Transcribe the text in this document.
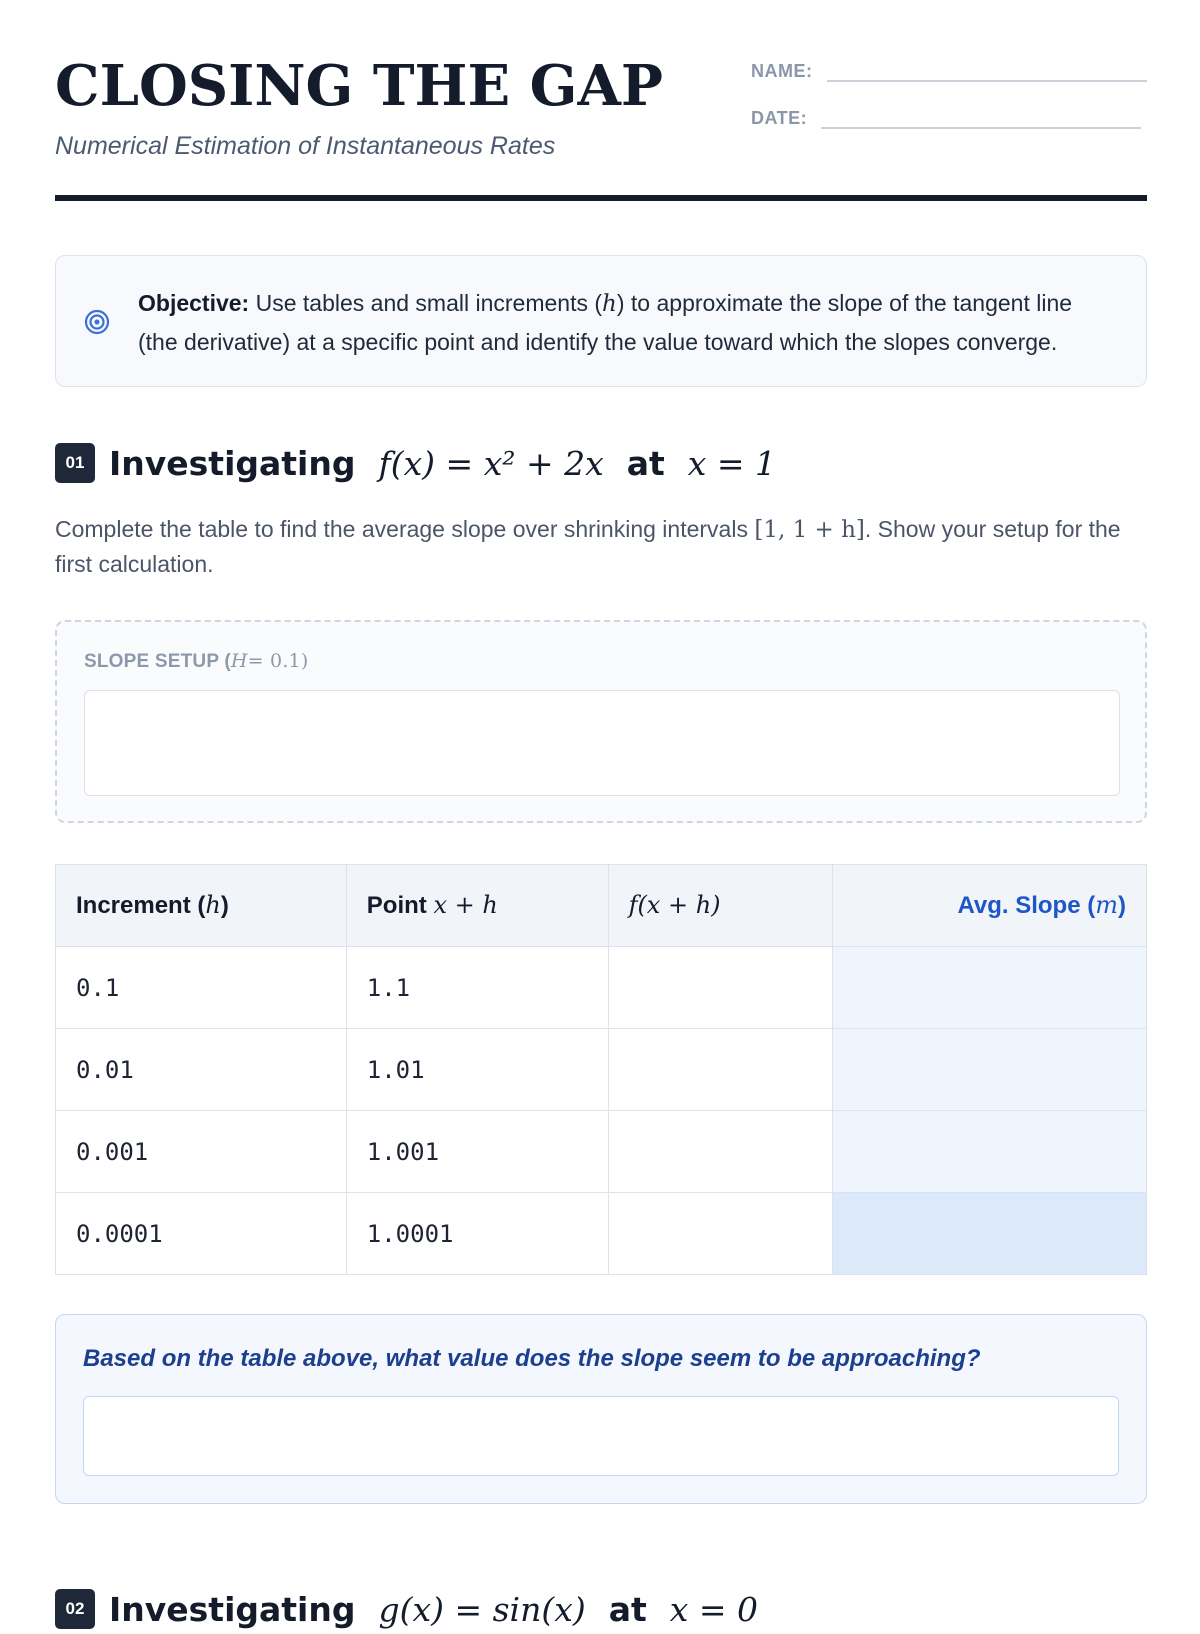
CLOSING THE GAP
Numerical Estimation of Instantaneous Rates
NAME:
DATE:
Objective: Use tables and small increments (h) to approximate the slope of the tangent line (the derivative) at a specific point and identify the value toward which the slopes converge.
01 Investigating f(x) = x² + 2x at x = 1
Complete the table to find the average slope over shrinking intervals [1, 1 + h]. Show your setup for the first calculation.
SLOPE SETUP (H= 0.1)
Increment (h)	Point x + h	f(x + h)	Avg. Slope (m)
0.1	1.1		
0.01	1.01		
0.001	1.001		
0.0001	1.0001		
Based on the table above, what value does the slope seem to be approaching?
02 Investigating g(x) = sin(x) at x = 0
